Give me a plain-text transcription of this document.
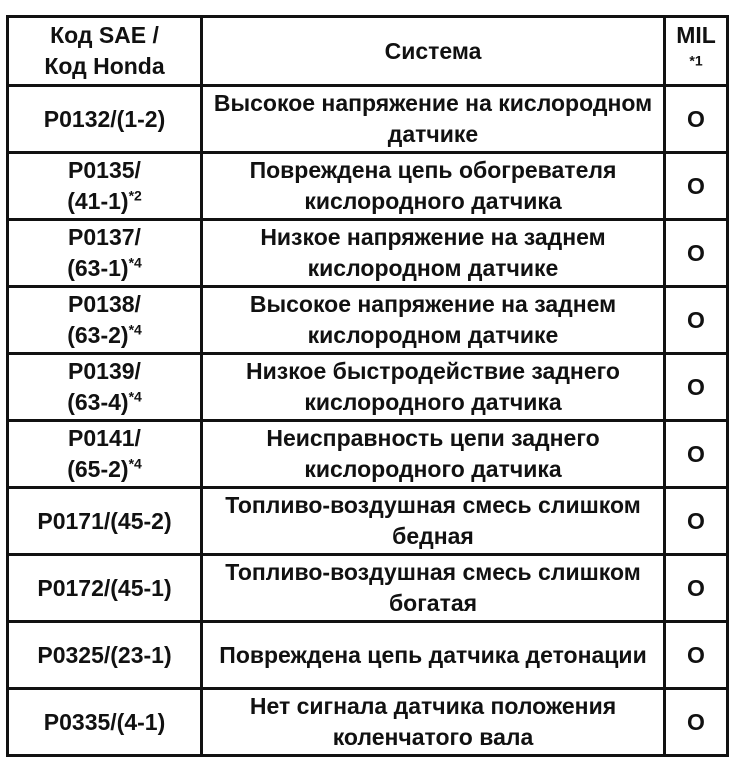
Код SAE /
Код Honda	Система	MIL
$^{*1}$

P0132/(1-2)	Высокое напряжение на кислородном датчике	O

P0135/
$(41-1)^{*2}$	Повреждена цепь обогревателя кислородного датчика	O

P0137/
$(63-1)^{*4}$	Низкое напряжение на заднем кислородном датчике	O

P0138/
$(63-2)^{*4}$	Высокое напряжение на заднем кислородном датчике	O

P0139/
$(63-4)^{*4}$	Низкое быстродействие заднего кислородного датчика	O

P0141/
$(65-2)^{*4}$	Неисправность цепи заднего кислородного датчика	O

P0171/(45-2)	Топливо-воздушная смесь слишком бедная	O

P0172/(45-1)	Топливо-воздушная смесь слишком богатая	O

P0325/(23-1)	Повреждена цепь датчика детонации	O

P0335/(4-1)	Нет сигнала датчика положения коленчатого вала	O
